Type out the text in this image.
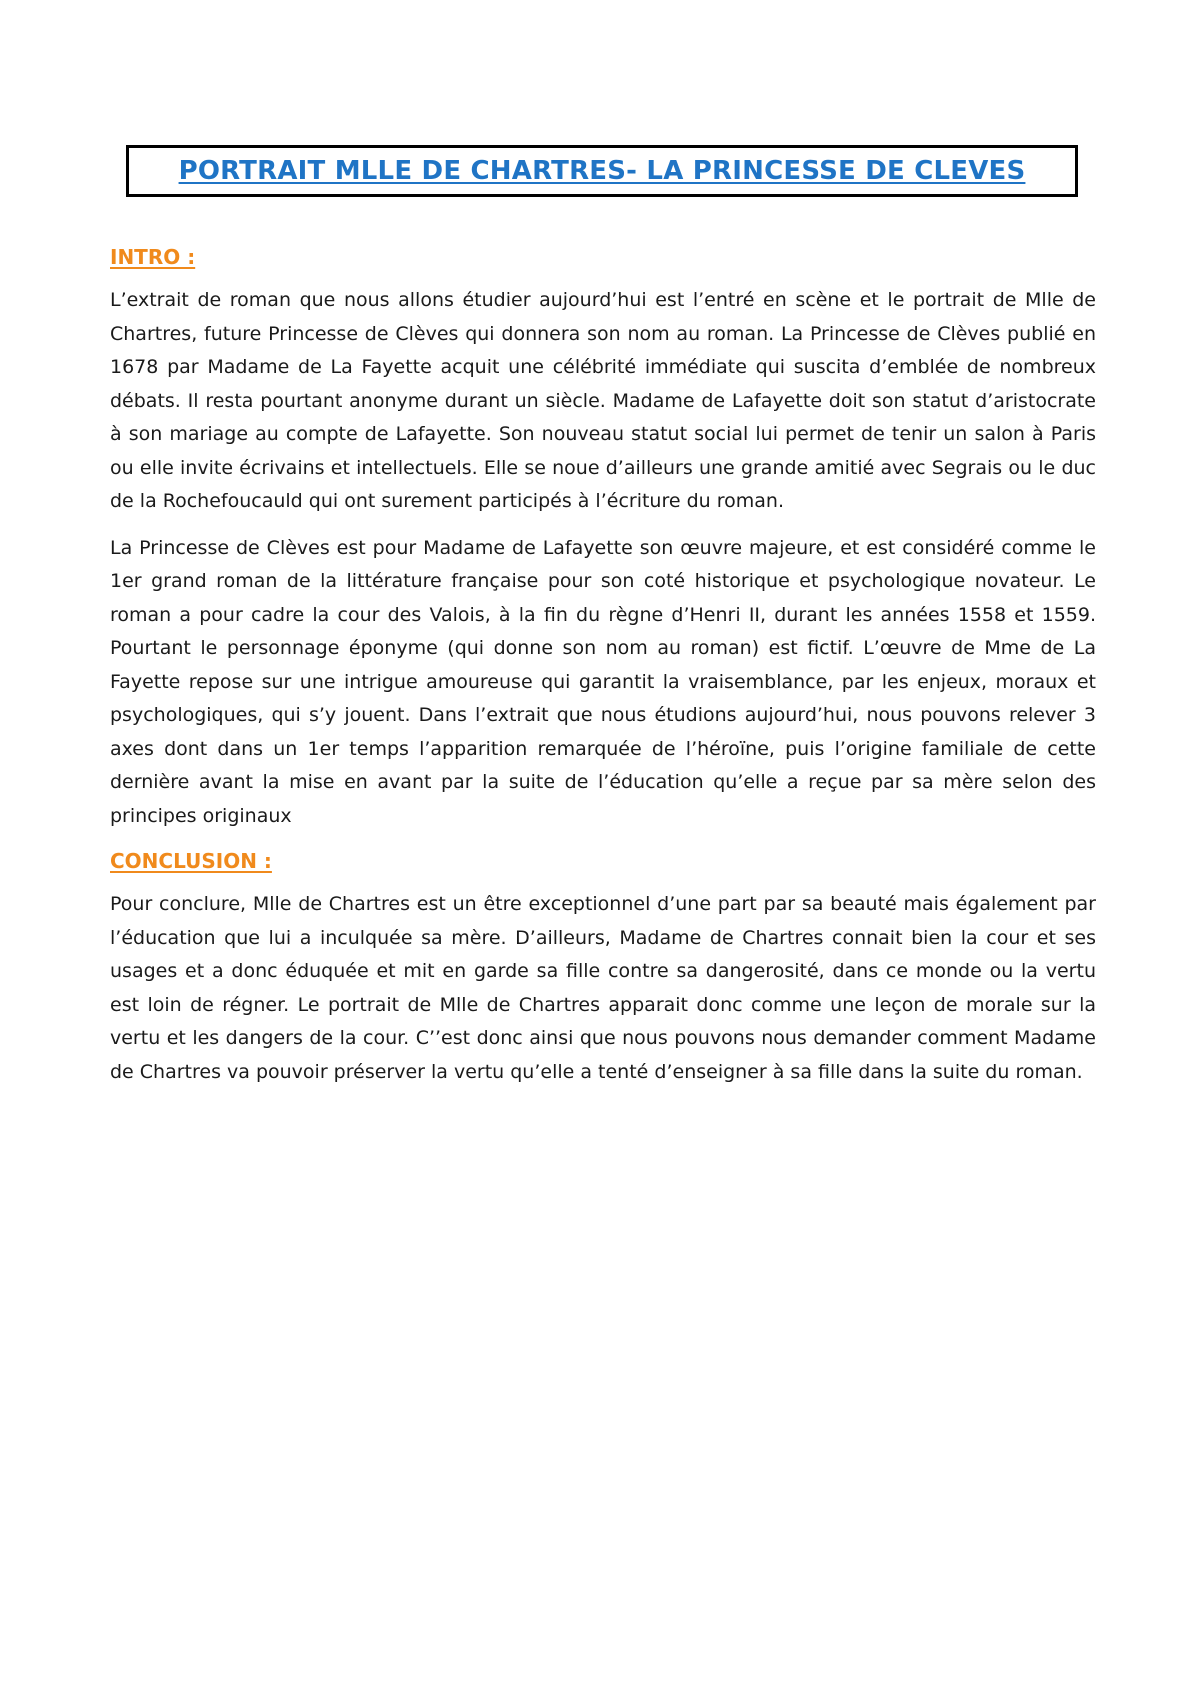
PORTRAIT MLLE DE CHARTRES- LA PRINCESSE DE CLEVES
INTRO :

L’extrait de roman que nous allons étudier aujourd’hui est l’entré en scène et le portrait de Mlle de Chartres, future Princesse de Clèves qui donnera son nom au roman. La Princesse de Clèves publié en 1678 par Madame de La Fayette acquit une célébrité immédiate qui suscita d’emblée de nombreux débats. Il resta pourtant anonyme durant un siècle. Madame de Lafayette doit son statut d’aristocrate à son mariage au compte de Lafayette. Son nouveau statut social lui permet de tenir un salon à Paris ou elle invite écrivains et intellectuels. Elle se noue d’ailleurs une grande amitié avec Segrais ou le duc de la Rochefoucauld qui ont surement participés à l’écriture du roman.

La Princesse de Clèves est pour Madame de Lafayette son œuvre majeure, et est considéré comme le 1er grand roman de la littérature française pour son coté historique et psychologique novateur. Le roman a pour cadre la cour des Valois, à la fin du règne d’Henri II, durant les années 1558 et 1559. Pourtant le personnage éponyme (qui donne son nom au roman) est fictif. L’œuvre de Mme de La Fayette repose sur une intrigue amoureuse qui garantit la vraisemblance, par les enjeux, moraux et psychologiques, qui s’y jouent. Dans l’extrait que nous étudions aujourd’hui, nous pouvons relever 3 axes dont dans un 1er temps l’apparition remarquée de l’héroïne, puis l’origine familiale de cette dernière avant la mise en avant par la suite de l’éducation qu’elle a reçue par sa mère selon des principes originaux

CONCLUSION :

Pour conclure, Mlle de Chartres est un être exceptionnel d’une part par sa beauté mais également par l’éducation que lui a inculquée sa mère. D’ailleurs, Madame de Chartres connait bien la cour et ses usages et a donc éduquée et mit en garde sa fille contre sa dangerosité, dans ce monde ou la vertu est loin de régner. Le portrait de Mlle de Chartres apparait donc comme une leçon de morale sur la vertu et les dangers de la cour. C’’est donc ainsi que nous pouvons nous demander comment Madame de Chartres va pouvoir préserver la vertu qu’elle a tenté d’enseigner à sa fille dans la suite du roman.
